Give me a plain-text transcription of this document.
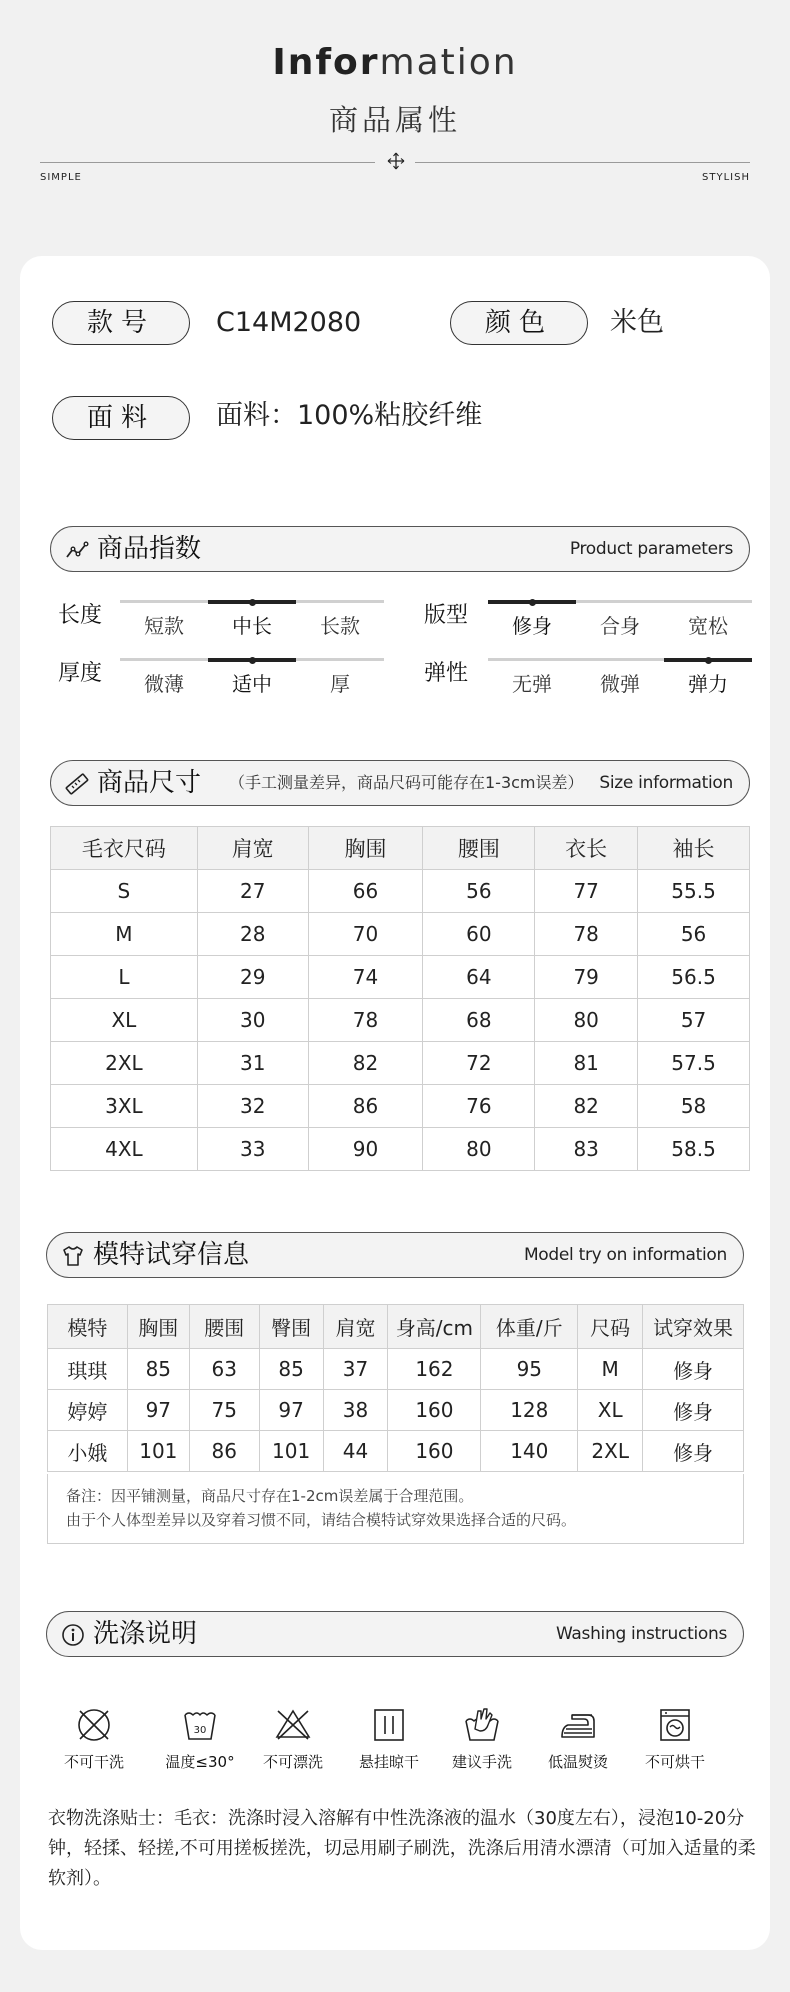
Information
商品属性
SIMPLE	STYLISH
款号	C14M2080	颜色	米色
面料	面料：100%粘胶纤维
商品指数	Product parameters
长度	短款	中长	长款
厚度	微薄	适中	厚
版型	修身	合身	宽松
弹性	无弹	微弹	弹力
商品尺寸 （手工测量差异，商品尺码可能存在1-3cm误差） Size information
毛衣尺码	肩宽	胸围	腰围	衣长	袖长
S	27	66	56	77	55.5
M	28	70	60	78	56
L	29	74	64	79	56.5
XL	30	78	68	80	57
2XL	31	82	72	81	57.5
3XL	32	86	76	82	58
4XL	33	90	80	83	58.5
模特试穿信息	Model try on information
模特	胸围	腰围	臀围	肩宽	身高/cm	体重/斤	尺码	试穿效果
琪琪	85	63	85	37	162	95	M	修身
婷婷	97	75	97	38	160	128	XL	修身
小娥	101	86	101	44	160	140	2XL	修身
备注：因平铺测量，商品尺寸存在1-2cm误差属于合理范围。
由于个人体型差异以及穿着习惯不同，请结合模特试穿效果选择合适的尺码。
洗涤说明	Washing instructions
不可干洗
30
温度≤30°	不可漂洗	悬挂晾干	建议手洗	低温熨烫	不可烘干
衣物洗涤贴士：毛衣：洗涤时浸入溶解有中性洗涤液的温水（30度左右），浸泡10-20分钟，轻揉、轻搓,不可用搓板搓洗，切忌用刷子刷洗，洗涤后用清水漂清（可加入适量的柔软剂）。
